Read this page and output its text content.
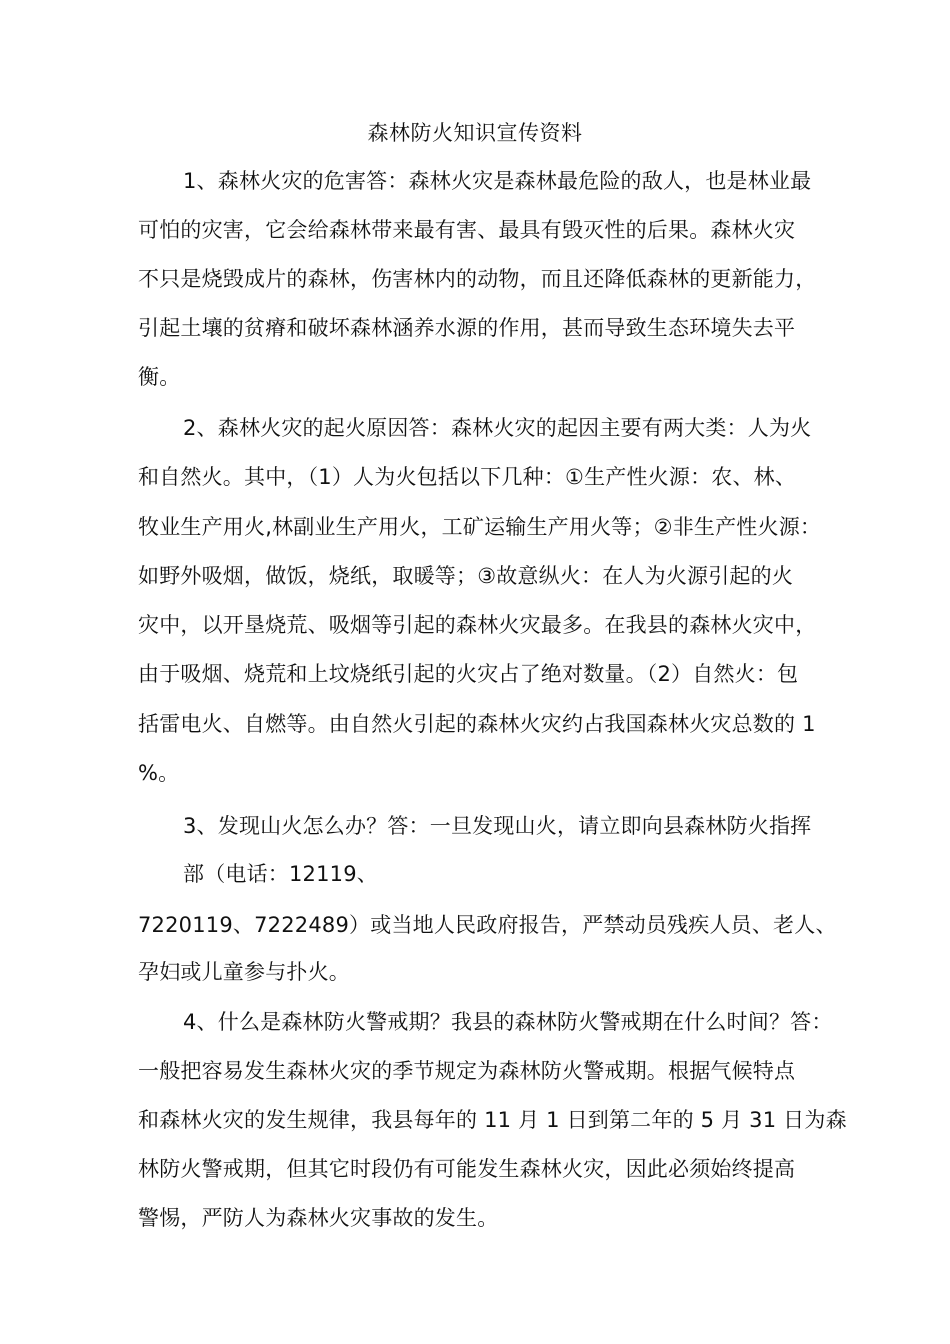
森林防火知识宣传资料
1、森林火灾的危害答：森林火灾是森林最危险的敌人，也是林业最
可怕的灾害，它会给森林带来最有害、最具有毁灭性的后果。森林火灾
不只是烧毁成片的森林，伤害林内的动物，而且还降低森林的更新能力，
引起土壤的贫瘠和破坏森林涵养水源的作用，甚而导致生态环境失去平
衡。
2、森林火灾的起火原因答：森林火灾的起因主要有两大类：人为火
和自然火。其中，（1）人为火包括以下几种：①生产性火源：农、林、
牧业生产用火,林副业生产用火，工矿运输生产用火等；②非生产性火源：
如野外吸烟，做饭，烧纸，取暖等；③故意纵火：在人为火源引起的火
灾中，以开垦烧荒、吸烟等引起的森林火灾最多。在我县的森林火灾中，
由于吸烟、烧荒和上坟烧纸引起的火灾占了绝对数量。（2）自然火：包
括雷电火、自燃等。由自然火引起的森林火灾约占我国森林火灾总数的 1
%。
3、发现山火怎么办？答：一旦发现山火，请立即向县森林防火指挥
部（电话：12119、
7220119、7222489）或当地人民政府报告，严禁动员残疾人员、老人、
孕妇或儿童参与扑火。
4、什么是森林防火警戒期？我县的森林防火警戒期在什么时间？答：
一般把容易发生森林火灾的季节规定为森林防火警戒期。根据气候特点
和森林火灾的发生规律，我县每年的 11 月 1 日到第二年的 5 月 31 日为森
林防火警戒期，但其它时段仍有可能发生森林火灾，因此必须始终提高
警惕，严防人为森林火灾事故的发生。
